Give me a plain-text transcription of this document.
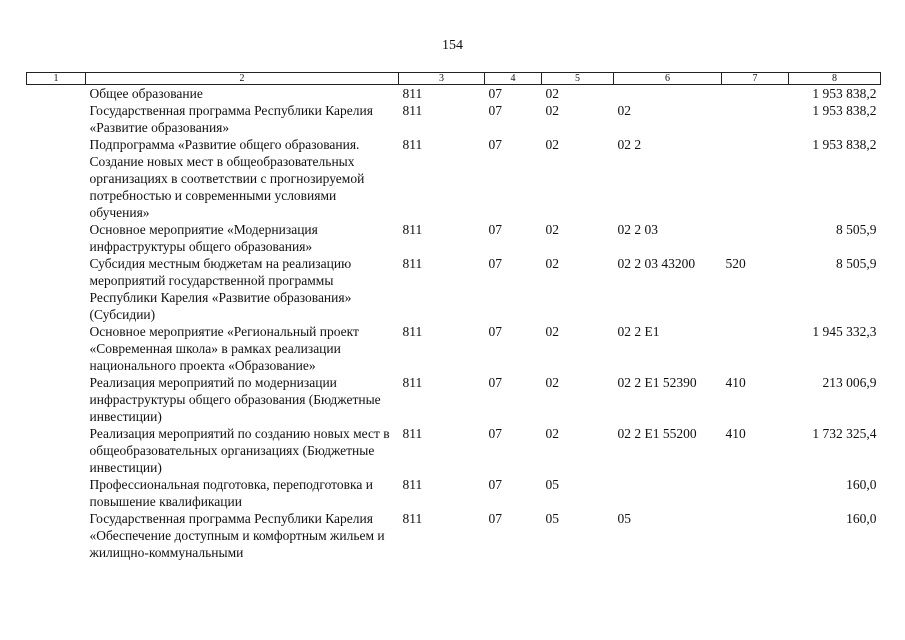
154
1	2	3	4	5	6	7	8
	Общее образование	811	07	02			1 953 838,2
	Государственная программа Республики Карелия «Развитие образования»	811	07	02	02		1 953 838,2
	Подпрограмма «Развитие общего образования. Создание новых мест в общеобразовательных организациях в соответствии с прогнозируемой потребностью и современными условиями обучения»	811	07	02	02 2		1 953 838,2
	Основное мероприятие «Модернизация инфраструктуры общего образования»	811	07	02	02 2 03		8 505,9
	Субсидия местным бюджетам на реализацию мероприятий государственной программы Республики Карелия «Развитие образования» (Субсидии)	811	07	02	02 2 03 43200	520	8 505,9
	Основное мероприятие «Региональный проект «Современная школа» в рамках реализации национального проекта «Образование»	811	07	02	02 2 E1		1 945 332,3
	Реализация мероприятий по модернизации инфраструктуры общего образования (Бюджетные инвестиции)	811	07	02	02 2 E1 52390	410	213 006,9
	Реализация мероприятий по созданию новых мест в общеобразовательных организациях (Бюджетные инвестиции)	811	07	02	02 2 E1 55200	410	1 732 325,4
	Профессиональная подготовка, переподготовка и повышение квалификации	811	07	05			160,0
	Государственная программа Республики Карелия «Обеспечение доступным и комфортным жильем и жилищно-коммунальными	811	07	05	05		160,0
